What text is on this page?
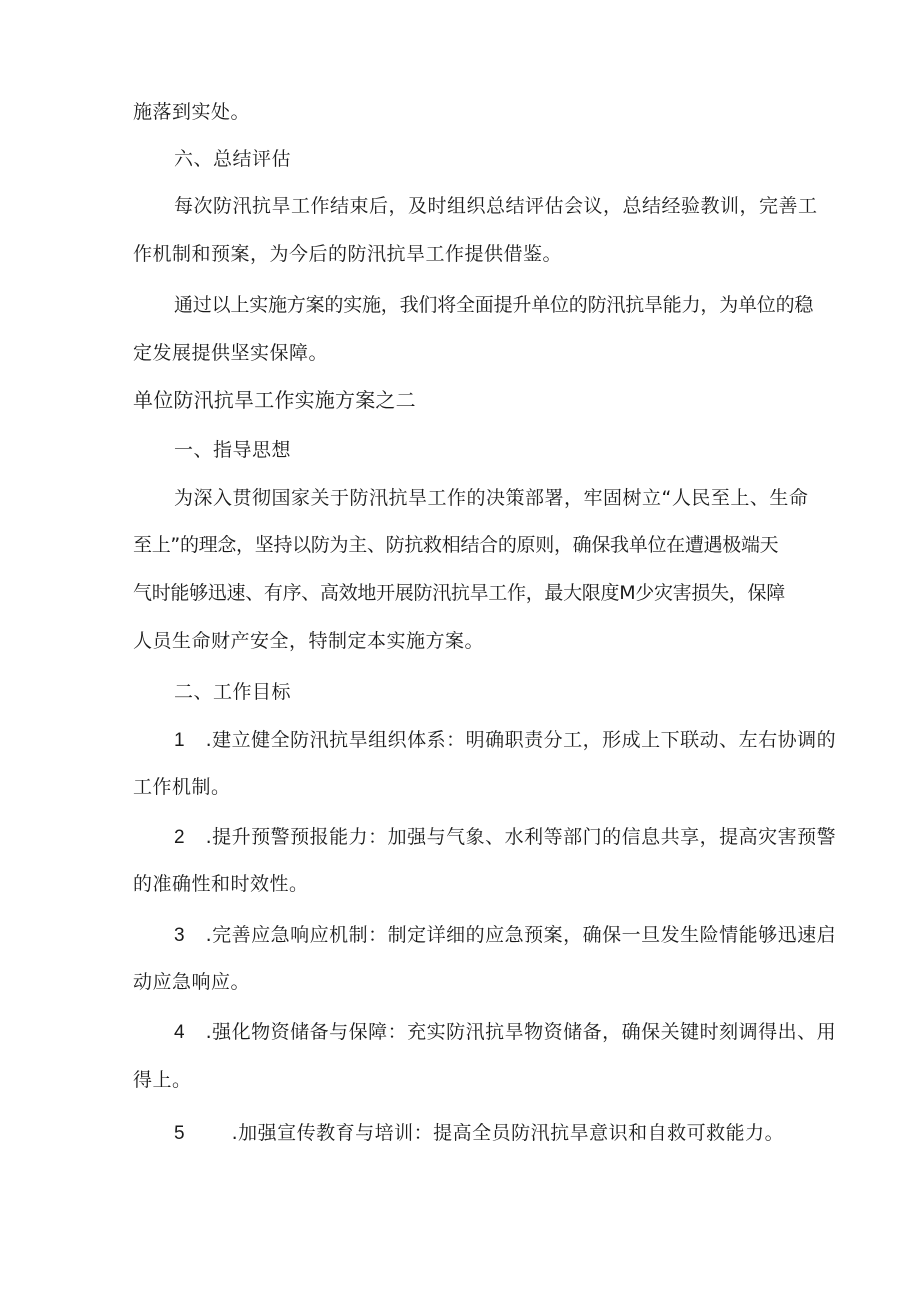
施落到实处。
六、总结评估
每次防汛抗旱工作结束后，及时组织总结评估会议，总结经验教训，完善工
作机制和预案，为今后的防汛抗旱工作提供借鉴。
通过以上实施方案的实施，我们将全面提升单位的防汛抗旱能力，为单位的稳
定发展提供坚实保障。
单位防汛抗旱工作实施方案之二
一、指导思想
为深入贯彻国家关于防汛抗旱工作的决策部署，牢固树立“人民至上、生命
至上”的理念，坚持以防为主、防抗救相结合的原则，确保我单位在遭遇极端天
气时能够迅速、有序、高效地开展防汛抗旱工作，最大限度M少灾害损失，保障
人员生命财产安全，特制定本实施方案。
二、工作目标
1 .建立健全防汛抗旱组织体系：明确职责分工，形成上下联动、左右协调的
工作机制。
2 .提升预警预报能力：加强与气象、水利等部门的信息共享，提高灾害预警
的准确性和时效性。
3 .完善应急响应机制：制定详细的应急预案，确保一旦发生险情能够迅速启
动应急响应。
4 .强化物资储备与保障：充实防汛抗旱物资储备，确保关键时刻调得出、用
得上。
5 .加强宣传教育与培训：提高全员防汛抗旱意识和自救可救能力。
